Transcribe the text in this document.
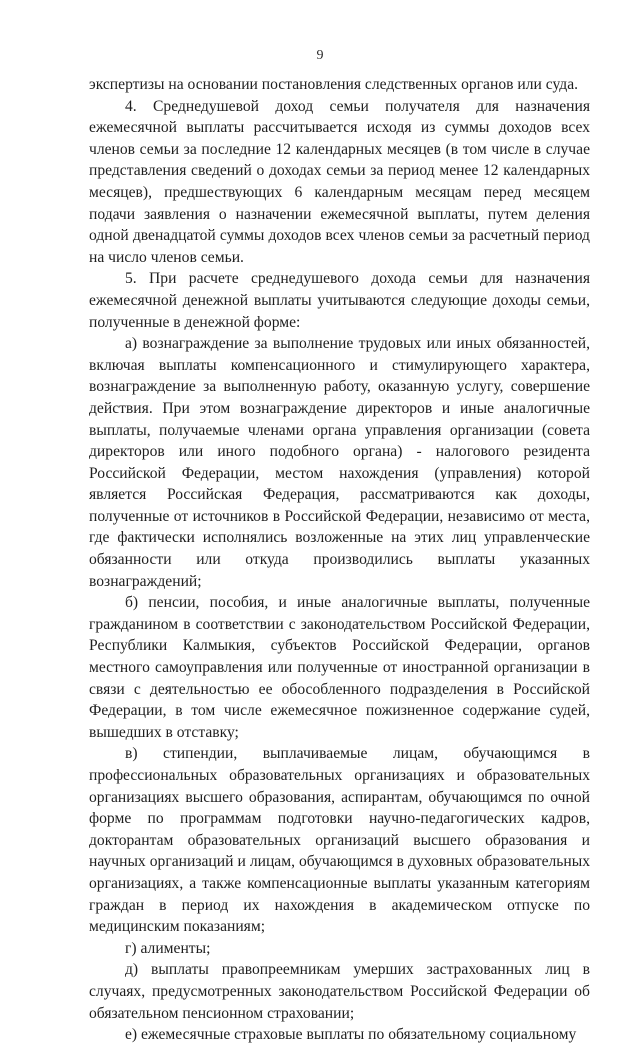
9

экспертизы на основании постановления следственных органов или суда.

4. Среднедушевой доход семьи получателя для назначения ежемесячной выплаты рассчитывается исходя из суммы доходов всех членов семьи за последние 12 календарных месяцев (в том числе в случае представления сведений о доходах семьи за период менее 12 календарных месяцев), предшествующих 6 календарным месяцам перед месяцем подачи заявления о назначении ежемесячной выплаты, путем деления одной двенадцатой суммы доходов всех членов семьи за расчетный период на число членов семьи.

5. При расчете среднедушевого дохода семьи для назначения ежемесячной денежной выплаты учитываются следующие доходы семьи, полученные в денежной форме:

а) вознаграждение за выполнение трудовых или иных обязанностей, включая выплаты компенсационного и стимулирующего характера, вознаграждение за выполненную работу, оказанную услугу, совершение действия. При этом вознаграждение директоров и иные аналогичные выплаты, получаемые членами органа управления организации (совета директоров или иного подобного органа) - налогового резидента Российской Федерации, местом нахождения (управления) которой является Российская Федерация, рассматриваются как доходы, полученные от источников в Российской Федерации, независимо от места, где фактически исполнялись возложенные на этих лиц управленческие обязанности или откуда производились выплаты указанных вознаграждений;

б) пенсии, пособия, и иные аналогичные выплаты, полученные гражданином в соответствии с законодательством Российской Федерации, Республики Калмыкия, субъектов Российской Федерации, органов местного самоуправления или полученные от иностранной организации в связи с деятельностью ее обособленного подразделения в Российской Федерации, в том числе ежемесячное пожизненное содержание судей, вышедших в отставку;

в) стипендии, выплачиваемые лицам, обучающимся в профессиональных образовательных организациях и образовательных организациях высшего образования, аспирантам, обучающимся по очной форме по программам подготовки научно-педагогических кадров, докторантам образовательных организаций высшего образования и научных организаций и лицам, обучающимся в духовных образовательных организациях, а также компенсационные выплаты указанным категориям граждан в период их нахождения в академическом отпуске по медицинским показаниям;

г) алименты;

д) выплаты правопреемникам умерших застрахованных лиц в случаях, предусмотренных законодательством Российской Федерации об обязательном пенсионном страховании;

е) ежемесячные страховые выплаты по обязательному социальному
